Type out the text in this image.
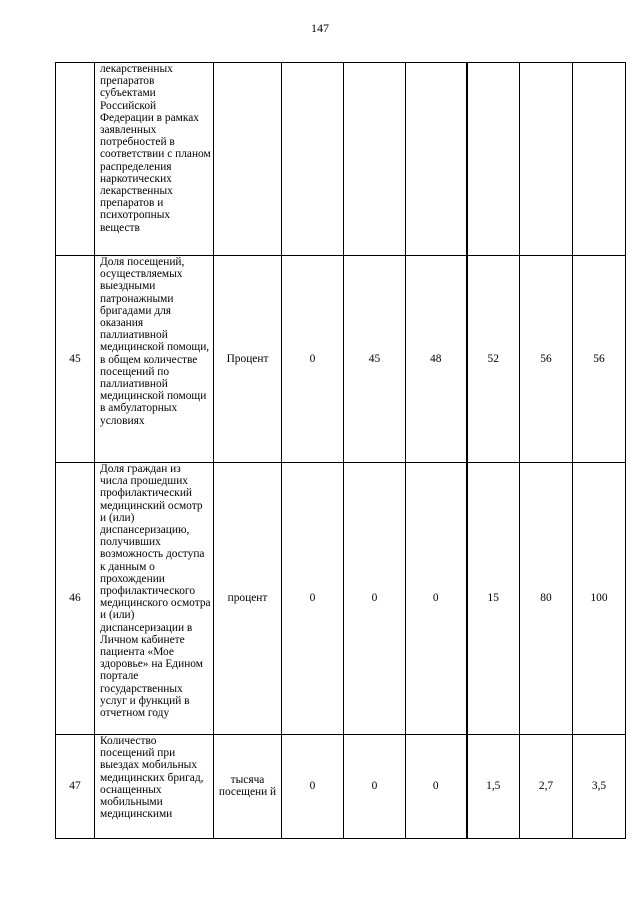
147

	лекарственных препаратов субъектами Российской Федерации в рамках заявленных потребностей в соответствии с планом распределения наркотических лекарственных препаратов и психотропных веществ							

45	Доля посещений, осуществляемых выездными патронажными бригадами для оказания паллиативной медицинской помощи, в общем количестве посещений по паллиативной медицинской помощи в амбулаторных условиях	Процент	0	45	48	52	56	56
46	Доля граждан из числа прошедших профилактический медицинский осмотр и (или) диспансеризацию, получивших возможность доступа к данным о прохождении профилактического медицинского осмотра и (или) диспансеризации в Личном кабинете пациента «Мое здоровье» на Едином портале государственных услуг и функций в отчетном году	процент	0	0	0	15	80	100
47	Количество посещений при выездах мобильных медицинских бригад, оснащенных мобильными медицинскими	тысяча посещени й	0	0	0	1,5	2,7	3,5
